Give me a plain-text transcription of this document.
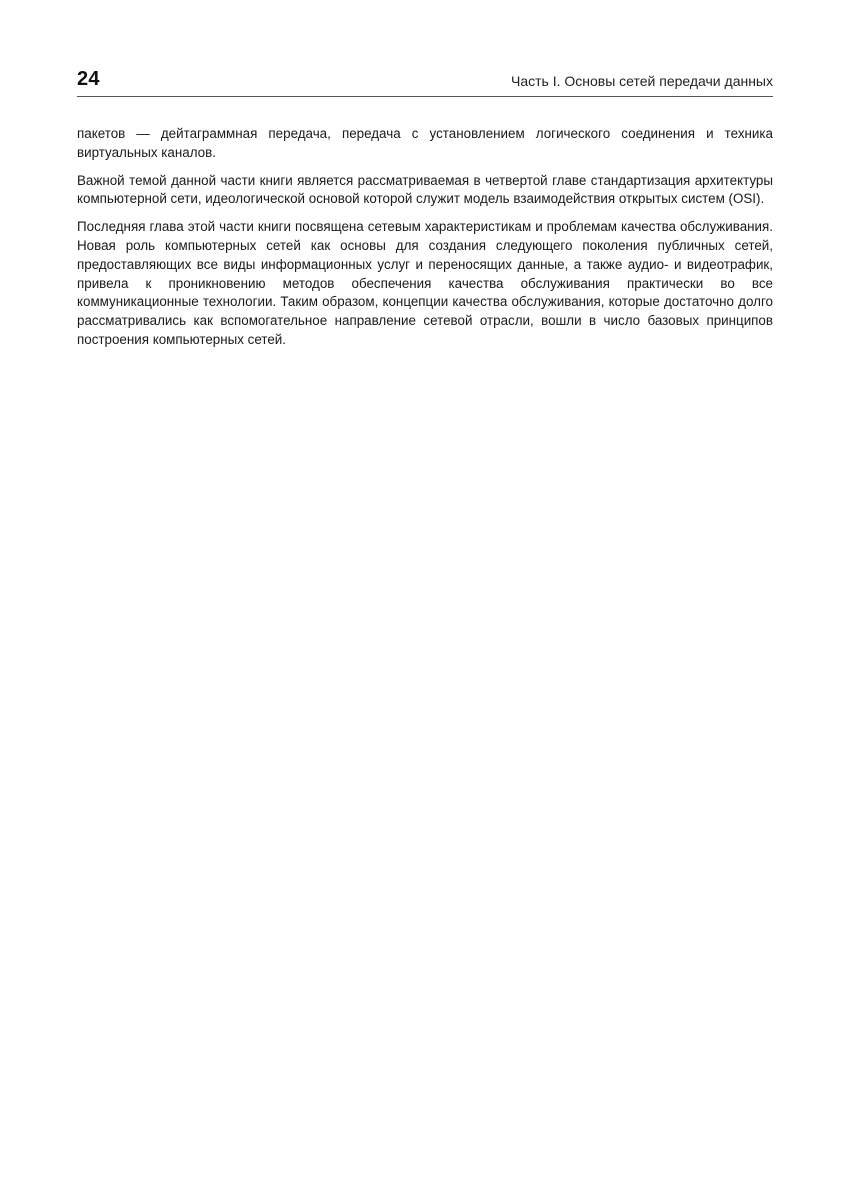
24	Часть I. Основы сетей передачи данных

пакетов — дейтаграммная передача, передача с установлением логического соединения и техника виртуальных каналов.

Важной темой данной части книги является рассматриваемая в четвертой главе стандартизация архитектуры компьютерной сети, идеологической основой которой служит модель взаимодействия открытых систем (OSI).

Последняя глава этой части книги посвящена сетевым характеристикам и проблемам качества обслуживания. Новая роль компьютерных сетей как основы для создания следующего поколения публичных сетей, предоставляющих все виды информационных услуг и переносящих данные, а также аудио- и видеотрафик, привела к проникновению методов обеспечения качества обслуживания практически во все коммуникационные технологии. Таким образом, концепции качества обслуживания, которые достаточно долго рассматривались как вспомогательное направление сетевой отрасли, вошли в число базовых принципов построения компьютерных сетей.
